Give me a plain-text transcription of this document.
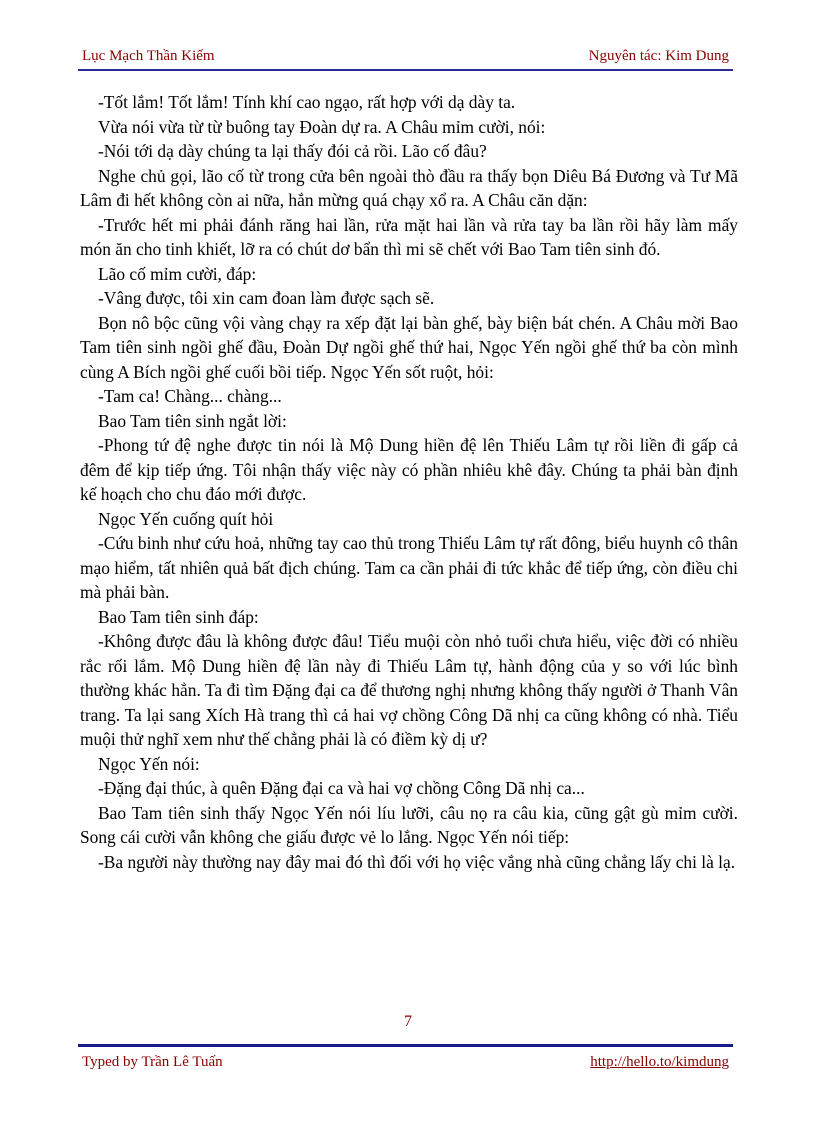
Lục Mạch Thần Kiếm	Nguyên tác: Kim Dung

-Tốt lắm! Tốt lắm! Tính khí cao ngạo, rất hợp với dạ dày ta.

Vừa nói vừa từ từ buông tay Đoàn dự ra. A Châu mỉm cười, nói:

-Nói tới dạ dày chúng ta lại thấy đói cả rồi. Lão cố đâu?

Nghe chủ gọi, lão cố từ trong cửa bên ngoài thò đầu ra thấy bọn Diêu Bá Đương và Tư Mã Lâm đi hết không còn ai nữa, hắn mừng quá chạy xổ ra. A Châu căn dặn:

-Trước hết mi phải đánh răng hai lần, rửa mặt hai lần và rửa tay ba lần rồi hãy làm mấy món ăn cho tinh khiết, lỡ ra có chút dơ bẩn thì mi sẽ chết với Bao Tam tiên sinh đó.

Lão cố mỉm cười, đáp:

-Vâng được, tôi xin cam đoan làm được sạch sẽ.

Bọn nô bộc cũng vội vàng chạy ra xếp đặt lại bàn ghế, bày biện bát chén. A Châu mời Bao Tam tiên sinh ngồi ghế đầu, Đoàn Dự ngồi ghế thứ hai, Ngọc Yến ngồi ghế thứ ba còn mình cùng A Bích ngồi ghế cuối bồi tiếp. Ngọc Yến sốt ruột, hỏi:

-Tam ca! Chàng... chàng...

Bao Tam tiên sinh ngắt lời:

-Phong tứ đệ nghe được tin nói là Mộ Dung hiền đệ lên Thiếu Lâm tự rồi liền đi gấp cả đêm để kịp tiếp ứng. Tôi nhận thấy việc này có phần nhiêu khê đây. Chúng ta phải bàn định kế hoạch cho chu đáo mới được.

Ngọc Yến cuống quít hỏi

-Cứu binh như cứu hoả, những tay cao thủ trong Thiếu Lâm tự rất đông, biểu huynh cô thân mạo hiểm, tất nhiên quả bất địch chúng. Tam ca cần phải đi tức khắc để tiếp ứng, còn điều chi mà phải bàn.

Bao Tam tiên sinh đáp:

-Không được đâu là không được đâu! Tiểu muội còn nhỏ tuổi chưa hiểu, việc đời có nhiều rắc rối lắm. Mộ Dung hiền đệ lần này đi Thiếu Lâm tự, hành động của y so với lúc bình thường khác hẳn. Ta đi tìm Đặng đại ca để thương nghị nhưng không thấy người ở Thanh Vân trang. Ta lại sang Xích Hà trang thì cả hai vợ chồng Công Dã nhị ca cũng không có nhà. Tiểu muội thử nghĩ xem như thế chẳng phải là có điềm kỳ dị ư?

Ngọc Yến nói:

-Đặng đại thúc, à quên Đặng đại ca và hai vợ chồng Công Dã nhị ca...

Bao Tam tiên sinh thấy Ngọc Yến nói líu lưỡi, câu nọ ra câu kia, cũng gật gù mỉm cười. Song cái cười vẫn không che giấu được vẻ lo lắng. Ngọc Yến nói tiếp:

-Ba người này thường nay đây mai đó thì đối với họ việc vắng nhà cũng chẳng lấy chi là lạ.

7
Typed by Trần Lê Tuấn	http://hello.to/kimdung
